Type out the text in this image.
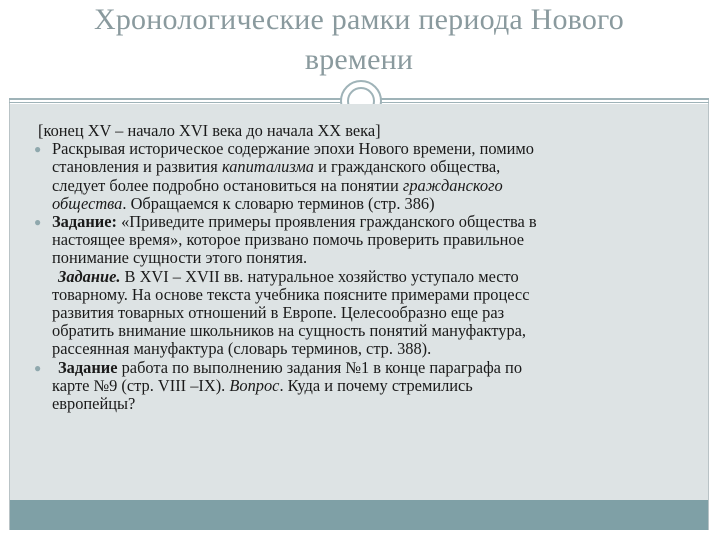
Хронологические рамки периода Нового
времени
[конец XV – начало XVI века до начала XX века]
● Раскрывая историческое содержание эпохи Нового времени, помимо
становления и развития капитализма и гражданского общества,
следует более подробно остановиться на понятии гражданского
общества. Обращаемся к словарю терминов (стр. 386)
● Задание: «Приведите примеры проявления гражданского общества в
настоящее время», которое призвано помочь проверить правильное
понимание сущности этого понятия.
Задание. В XVI – XVII вв. натуральное хозяйство уступало место
товарному. На основе текста учебника поясните примерами процесс
развития товарных отношений в Европе. Целесообразно еще раз
обратить внимание школьников на сущность понятий мануфактура,
рассеянная мануфактура (словарь терминов, стр. 388).
●	Задание работа по выполнению задания №1 в конце параграфа по
карте №9 (стр. VIII –IX). Вопрос. Куда и почему стремились
европейцы?
